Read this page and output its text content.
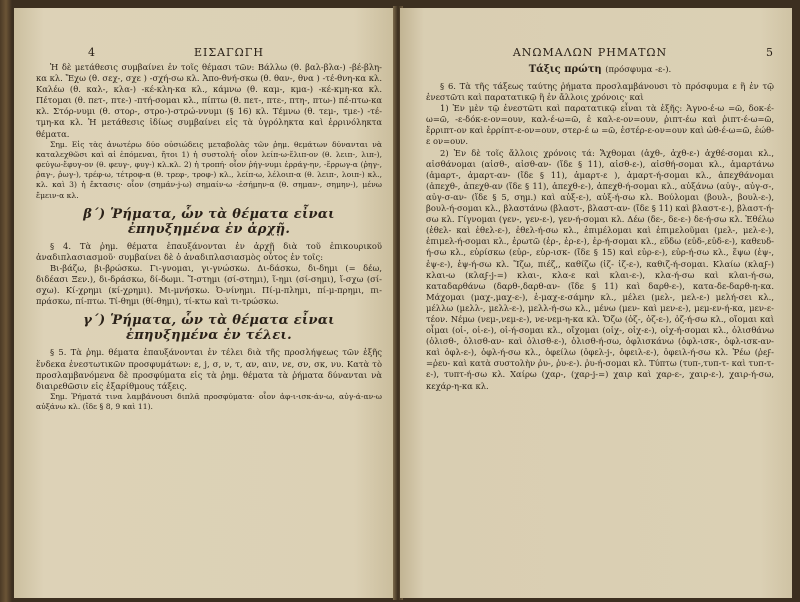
4	ΕΙΣΑΓΩΓΗ

Ἡ δὲ μετάθεσις συμβαίνει ἐν τοῖς θέμασι τῶν: Βάλλω (θ. βαλ-βλα-) -βέ-βλη-κα κλ. Ἔχω (θ. σεχ-, σχε ) -σχή-σω κλ. Ἀπο-θνή-σκω (θ. θαν-, θνα ) -τέ-θνη-κα κλ. Καλέω (θ. καλ-, κλα-) -κέ-κλη-κα κλ., κάμνω (θ. καμ-, κμα-) -κέ-κμη-κα κλ. Πέτομαι (θ. πετ-, πτε-) -πτή-σομαι κλ., πίπτω (θ. πετ-, πτε-, πτη-, πτω-) πέ-πτω-κα κλ. Στόρ-νυμι (θ. στορ-, στρο-)-στρώ-ννυμι (§ 16) κλ. Τέμνω (θ. τεμ-, τμε-) -τέ-τμη-κα κλ. Ἡ μετάθεσις ἰδίως συμβαίνει εἰς τὰ ὑγρόληκτα καὶ ἐρρινόληκτα θέματα.

Σημ. Εἰς τὰς ἀνωτέρω δύο οὐσιώδεις μεταβολὰς τῶν ῥημ. θεμάτων δύνανται νὰ καταλεχθῶσι καὶ αἱ ἑπόμεναι, ἤτοι 1) ἡ συστολή· οἷον λείπ-ω-ἔλιπ-ον (θ. λειπ-, λιπ-), φεύγω-ἔφυγ-ον (θ. φευγ-, φυγ-) κλ.κλ. 2) ἡ τροπή· οἷον ῥήγ-νυμι ἐρράγ-ην, -ἔρρωγ-α (ῥηγ-, ῥαγ-, ῥωγ-), τρέφ-ω, τέτροφ-α (θ. τρεφ-, τροφ-) κλ., λείπ-ω, λέλοιπ-α (θ. λειπ-, λοιπ-) κλ., κλ. καὶ 3) ἡ ἔκτασις· οἷον (σημάν-j-ω) σημαίν-ω -ἐσήμην-α (θ. σημαν-, σημην-), μένω ἔμειν-α κλ.

β΄) Ῥήματα, ὧν τὰ θέματα εἶναι ἐπηυξημένα ἐν ἀρχῇ.

§ 4. Τὰ ῥημ. θέματα ἐπαυξάνονται ἐν ἀρχῇ διὰ τοῦ ἐπικουρικοῦ ἀναδιπλασιασμοῦ· συμβαίνει δὲ ὁ ἀναδιπλασιασμὸς οὗτος ἐν τοῖς:

Βι-βάζω, βι-βρώσκω. Γι-γνομαι, γι-γνώσκω. Δι-δάσκω, δι-δημι (= δέω, διδέασι Ξεν.), δι-δράσκω, δί-δωμι. Ἵ-στημι (σί-στημι), ἵ-ημι (σί-σημι), ἴ-σχω (σί-σχω). Κί-χρημι (κί-χρημι). Μι-μνήσκω. Ὀ-νίνημι. Πί-μ-πλημι, πί-μ-πρημι, πι-πράσκω, πί-πτω. Τί-θημι (θί-θημι), τί-κτω καὶ τι-τρώσκω.

γ΄) Ῥήματα, ὧν τὰ θέματα εἶναι ἐπηυξημένα ἐν τέλει.

§ 5. Τὰ ῥημ. θέματα ἐπαυξάνονται ἐν τέλει διὰ τῆς προσλήψεως τῶν ἑξῆς ἕνδεκα ἐνεστωτικῶν προσφυμάτων: ε, j, σ, ν, τ, αν, αιν, νε, σν, σκ, νυ. Κατὰ τὸ προσλαμβανόμενα δὲ προσφύματα εἰς τὰ ῥημ. θέματα τὰ ῥήματα δύνανται νὰ διαιρεθῶσιν εἰς ἑξαρίθμους τάξεις.

Σημ. Ῥήματά τινα λαμβάνουσι διπλᾶ προσφύματα· οἷον ἀφ-ι-ισκ-άν-ω, αὐγ-ά-αν-ω αὐξάνω κλ. (ἴδε § 8, 9 καὶ 11).

ΑΝΩΜΑΛΩΝ ΡΗΜΑΤΩΝ	5
Τάξις πρώτη (πρόσφυμα -ε-).

§ 6. Τὰ τῆς τάξεως ταύτης ῥήματα προσλαμβάνουσι τὸ πρόσφυμα ε ἢ ἐν τῷ ἐνεστῶτι καὶ παρατατικῷ ἢ ἐν ἄλλοις χρόνοις· καὶ

1) Ἐν μὲν τῷ ἐνεστῶτι καὶ παρατατικῷ εἶναι τὰ ἑξῆς: Ἀγνο-έ-ω =ῶ, δοκ-έ-ω=ῶ, -ε-δόκ-ε-ον=ουν, καλ-έ-ω=ῶ, ἐ καλ-ε-ον=ουν, ῥιπτ-έω καὶ ῥιπτ-έ-ω=ῶ, ἔρριπτ-ον καὶ ἐρρίπτ-ε-ον=ουν, στερ-έ ω =ῶ, ἐστέρ-ε-ον=ουν καὶ ὠθ-έ-ω=ῶ, ἐώθ-ε ον=ουν.

2) Ἐν δὲ τοῖς ἄλλοις χρόνοις τά: Ἄχθομαι (ἀχθ-, ἀχθ-ε-) ἀχθέ-σομαι κλ., αἰσθάνομαι (αἰσθ-, αἰσθ-αν- (ἴδε § 11), αἰσθ-ε-), αἰσθή-σομαι κλ., ἁμαρτάνω (ἁμαρτ-, ἁμαρτ-αν- (ἴδε § 11), ἁμαρτ-ε ), ἁμαρτ-ή-σομαι κλ., ἀπεχθάνομαι (ἀπεχθ-, ἀπεχθ-αν (ἴδε § 11), ἀπεχθ-ε-), ἀπεχθ-ή-σομαι κλ., αὐξάνω (αὐγ-, αὐγ-σ-, αὐγ-σ-αν- (ἴδε § 5, σημ.) καὶ αὐξ-ε-), αὐξ-ή-σω κλ. Βούλομαι (βουλ-, βουλ-ε-), βουλ-ή-σομαι κλ., βλαστάνω (βλαστ-, βλαστ-αν- (ἴδε § 11) καὶ βλαστ-ε-), βλαστ-ή-σω κλ. Γίγνομαι (γεν-, γεν-ε-), γεν-ή-σομαι κλ. Δέω (δε-, δε-ε-) δε-ή-σω κλ. Ἐθέλω (ἐθελ- καὶ ἐθελ-ε-), ἐθελ-ή-σω κλ., ἐπιμέλομαι καὶ ἐπιμελοῦμαι (μελ-, μελ-ε-), ἐπιμελ-ή-σομαι κλ., ἐρωτῶ (ἐρ-, ἐρ-ε-), ἐρ-ή-σομαι κλ., εὕδω (εὑδ-,εὑδ-ε-), καθευδ-ή-σω κλ., εὑρίσκω (εὑρ-, εὑρ-ισκ- (ἴδε § 15) καὶ εὑρ-ε-), εὑρ-ή-σω κλ., ἕψω (ἑψ-, ἑψ-ε-), ἑψ-ή-σω κλ. Ἵζω, πιέζ,, καθίζω (ἱζ- ἱζ-ε-), καθιζ-ή-σομαι. Κλαίω (κλαϝ-) κλαι-ω (κλαϝ-j-=) κλαι-, κλα-ε καὶ κλαι-ε-), κλα-ή-σω καὶ κλαι-ή-σω, καταδαρθάνω (δαρθ-,δαρθ-αν- (ἴδε § 11) καὶ δαρθ-ε-), κατα-δε-δαρθ-η-κα. Μάχομαι (μαχ-,μαχ-ε-), ἐ-μαχ-ε-σάμην κλ., μέλει (μελ-, μελ-ε-) μελή-σει κλ., μέλλω (μελλ-, μελλ-ε-), μελλ-ή-σω κλ., μένω (μεν- καὶ μεν-ε-), μεμ-εν-ή-κα, μεν-ε-τέον. Νέμω (νεμ-,νεμ-ε-), νε-νεμ-η-κα κλ. Ὄζω (ὀζ-, ὀζ-ε-), ὀζ-ή-σω κλ., οἴομαι καὶ οἶμαι (οἰ-, οἰ-ε-), οἰ-ή-σομαι κλ., οἴχομαι (οἰχ-, οἰχ-ε-), οἰχ-ή-σομαι κλ., ὀλισθάνω (ὀλισθ-, ὀλισθ-αν- καὶ ὀλισθ-ε-), ὀλισθ-ή-σω, ὀφλισκάνω (ὀφλ-ισκ-, ὀφλ-ισκ-αν- καὶ ὀφλ-ε-), ὀφλ-ή-σω κλ., ὀφείλω (ὀφελ-j-, ὀφειλ-ε-), ὀφειλ-ή-σω κλ. Ῥέω (ῥεϝ-=ῥευ- καὶ κατὰ συστολὴν ῥυ-, ῥυ-ε-). ῥυ-ή-σομαι κλ. Τύπτω (τυπ-,τυπ-τ- καὶ τυπ-τ-ε-), τυπτ-ή-σω κλ. Χαίρω (χαρ-, (χαρ-j-=) χαιρ καὶ χαρ-ε-, χαιρ-ε-), χαιρ-ή-σω, κεχάρ-η-κα κλ.
